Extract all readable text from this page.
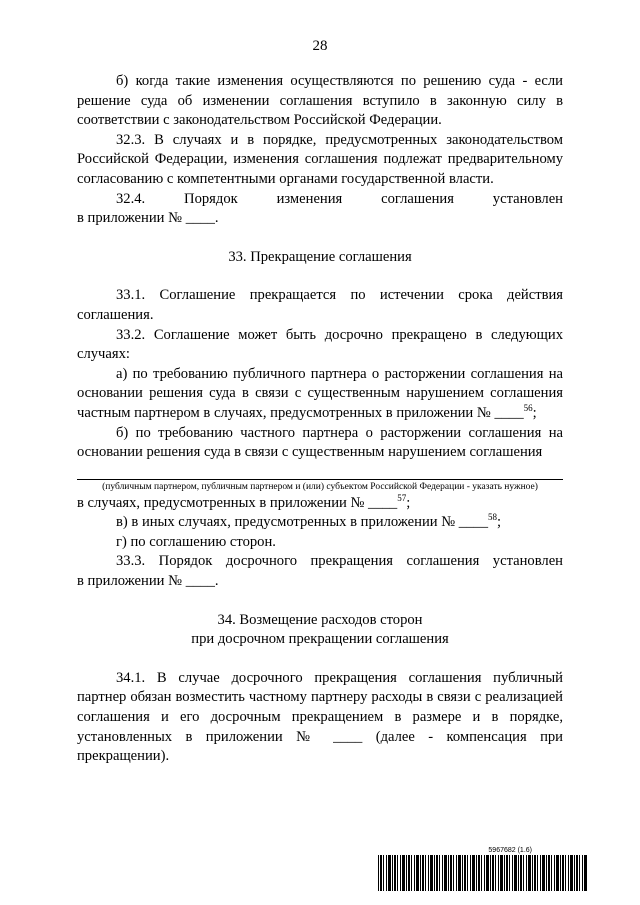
28

б) когда такие изменения осуществляются по решению суда - если решение суда об изменении соглашения вступило в законную силу в соответствии с законодательством Российской Федерации.

32.3. В случаях и в порядке, предусмотренных законодательством Российской Федерации, изменения соглашения подлежат предварительному согласованию с компетентными органами государственной власти.

32.4. Порядок изменения соглашения установлен

в приложении № ____.

33. Прекращение соглашения

33.1. Соглашение прекращается по истечении срока действия соглашения.

33.2. Соглашение может быть досрочно прекращено в следующих случаях:

а) по требованию публичного партнера о расторжении соглашения на основании решения суда в связи с существенным нарушением соглашения частным партнером в случаях, предусмотренных в приложении № ____$^{56}$;

б) по требованию частного партнера о расторжении соглашения на основании решения суда в связи с существенным нарушением соглашения

(публичным партнером, публичным партнером и (или) субъектом Российской Федерации - указать нужное)

в случаях, предусмотренных в приложении № ____$^{57}$;

в) в иных случаях, предусмотренных в приложении № ____$^{58}$;

г) по соглашению сторон.

33.3. Порядок досрочного прекращения соглашения установлен

в приложении № ____.

34. Возмещение расходов сторон

при досрочном прекращении соглашения

34.1. В случае досрочного прекращения соглашения публичный партнер обязан возместить частному партнеру расходы в связи с реализацией соглашения и его досрочным прекращением в размере и в порядке, установленных в приложении № ____ (далее - компенсация при прекращении).

5967682 (1.6)
